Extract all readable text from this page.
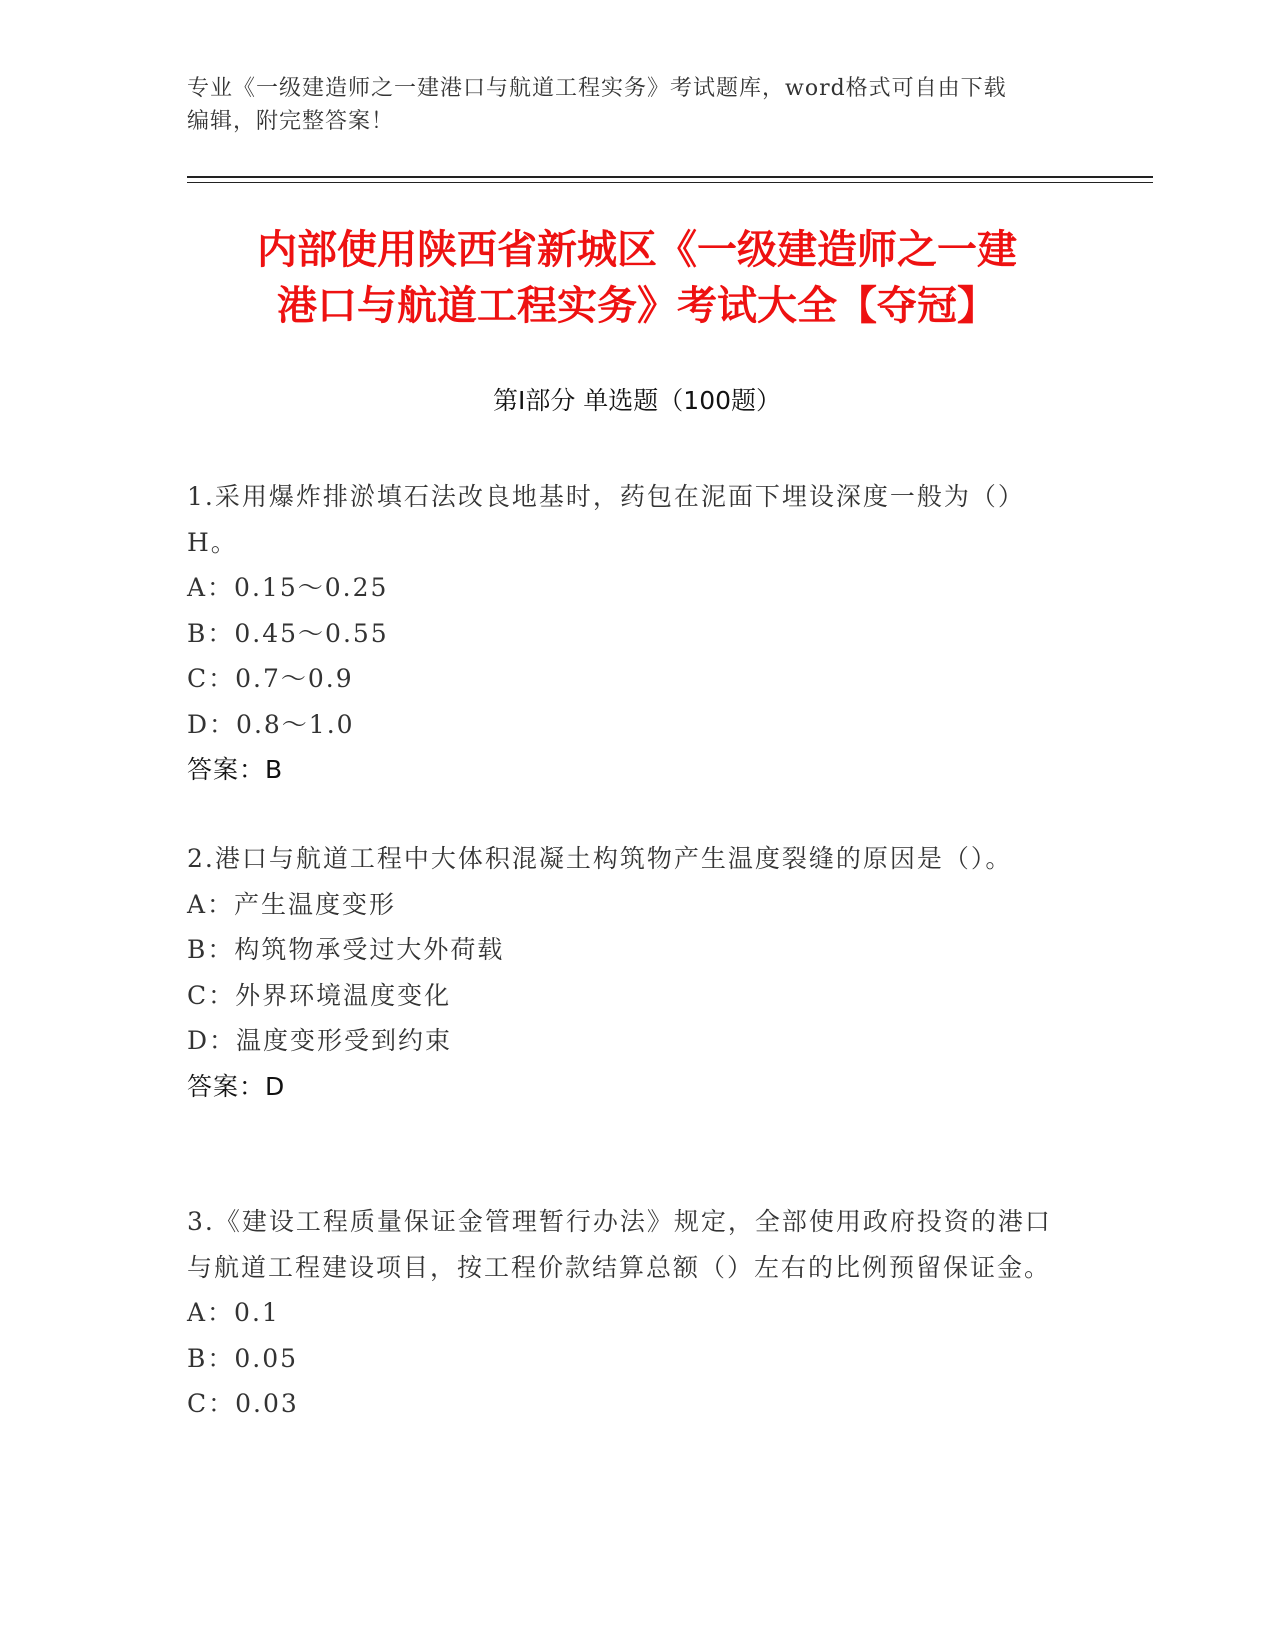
专业《一级建造师之一建港口与航道工程实务》考试题库，word格式可自由下载
编辑，附完整答案！
内部使用陕西省新城区《一级建造师之一建
港口与航道工程实务》考试大全【夺冠】
第Ⅰ部分 单选题（100题）

1.采用爆炸排淤填石法改良地基时，药包在泥面下埋设深度一般为（）H。

A：0.15～0.25

B：0.45～0.55

C：0.7～0.9

D：0.8～1.0

答案：B

2.港口与航道工程中大体积混凝土构筑物产生温度裂缝的原因是（）。

A：产生温度变形

B：构筑物承受过大外荷载

C：外界环境温度变化

D：温度变形受到约束

答案：D

3.《建设工程质量保证金管理暂行办法》规定，全部使用政府投资的港口与航道工程建设项目，按工程价款结算总额（）左右的比例预留保证金。

A：0.1

B：0.05

C：0.03
